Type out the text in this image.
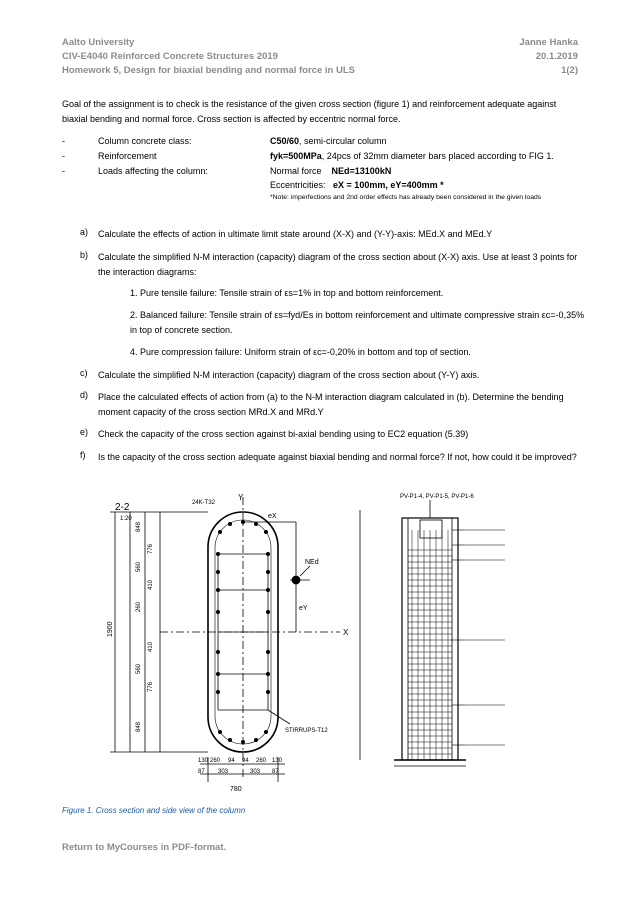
Aalto University
CIV-E4040 Reinforced Concrete Structures 2019
Homework 5, Design for biaxial bending and normal force in ULS
Janne Hanka
20.1.2019
1(2)
Goal of the assignment is to check is the resistance of the given cross section (figure 1) and reinforcement adequate against biaxial bending and normal force. Cross section is affected by eccentric normal force.
-	Column concrete class:	C50/60, semi-circular column
-	Reinforcement	fyk=500MPa, 24pcs of 32mm diameter bars placed according to FIG 1.
-	Loads affecting the column:	Normal force NEd=13100kN
Eccentricities: eX = 100mm, eY=400mm *
*Note: imperfections and 2nd order effects has already been considered in the given loads
a) Calculate the effects of action in ultimate limit state around (X-X) and (Y-Y)-axis: MEd.X and MEd.Y
b) Calculate the simplified N-M interaction (capacity) diagram of the cross section about (X-X) axis. Use at least 3 points for the interaction diagrams:
1. Pure tensile failure: Tensile strain of εs=1% in top and bottom reinforcement.
2. Balanced failure: Tensile strain of εs=fyd/Es in bottom reinforcement and ultimate compressive strain εc=-0,35% in top of concrete section.
4. Pure compression failure: Uniform strain of εc=-0,20% in bottom and top of section.
c) Calculate the simplified N-M interaction (capacity) diagram of the cross section about (Y-Y) axis.
d) Place the calculated effects of action from (a) to the N-M interaction diagram calculated in (b). Determine the bending moment capacity of the cross section MRd.X and MRd.Y
e) Check the capacity of the cross section against bi-axial bending using to EC2 equation (5.39)
f) Is the capacity of the cross section adequate against biaxial bending and normal force? If not, how could it be improved?
2-2
1:20
24K-T32
Y
X
NEd
eX
eY
STIRRUPS-T12
1900
780
848
776
560
410
260
410
560
776
848
130 260 94 94 260 130
87 303	303 87
PV-P1-4, PV-P1-5, PV-P1-6
Figure 1. Cross section and side view of the column
Return to MyCourses in PDF-format.
